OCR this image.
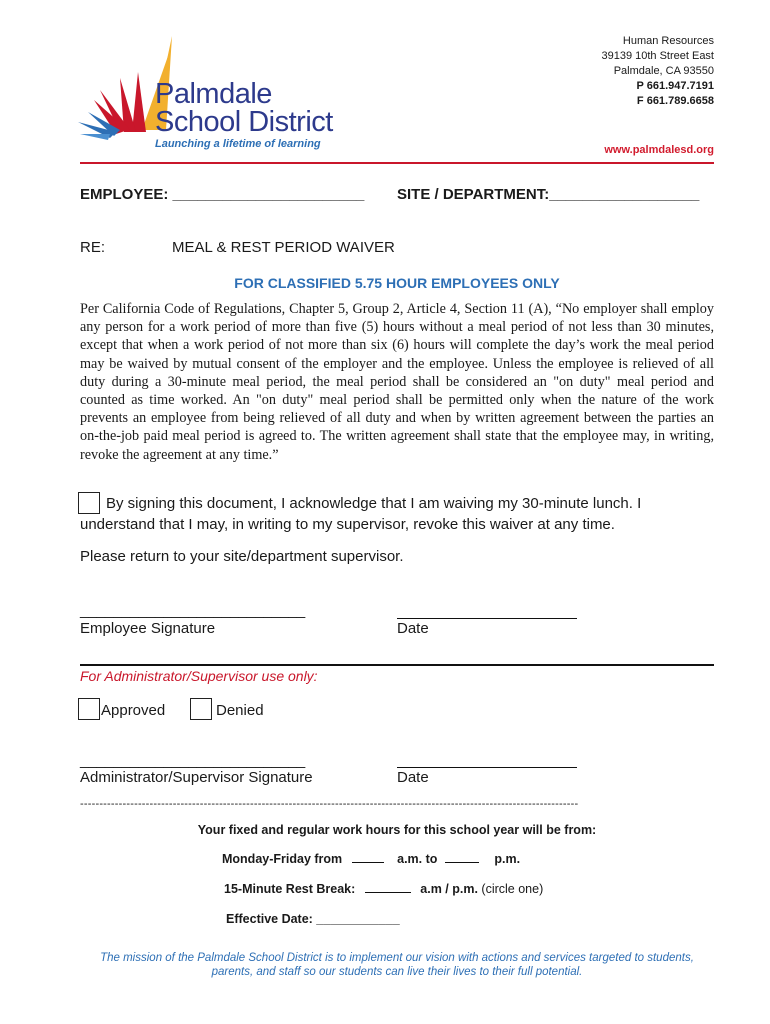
Palmdale
School District
Launching a lifetime of learning
Human Resources
39139 10th Street East
Palmdale, CA 93550
P 661.947.7191
F 661.789.6658
www.palmdalesd.org
EMPLOYEE: _______________________ SITE / DEPARTMENT:__________________
RE:	MEAL & REST PERIOD WAIVER
FOR CLASSIFIED 5.75 HOUR EMPLOYEES ONLY
Per California Code of Regulations, Chapter 5, Group 2, Article 4, Section 11 (A), “No employer shall employ any person for a work period of more than five (5) hours without a meal period of not less than 30 minutes, except that when a work period of not more than six (6) hours will complete the day’s work the meal period may be waived by mutual consent of the employer and the employee. Unless the employee is relieved of all duty during a 30-minute meal period, the meal period shall be considered an "on duty" meal period and counted as time worked. An "on duty" meal period shall be permitted only when the nature of the work prevents an employee from being relieved of all duty and when by written agreement between the parties an on-the-job paid meal period is agreed to. The written agreement shall state that the employee may, in writing, revoke the agreement at any time.”
By signing this document, I acknowledge that I am waiving my 30-minute lunch. I understand that I may, in writing to my supervisor, revoke this waiver at any time.
Please return to your site/department supervisor.
___________________________
Employee Signature	Date
For Administrator/Supervisor use only:
Approved	Denied
___________________________
Administrator/Supervisor Signature	Date
---------------------------------------------------------------------------------------------------------------------------------
Your fixed and regular work hours for this school year will be from:
Monday-Friday from	a.m. to	p.m.
15-Minute Rest Break:	a.m / p.m. (circle one)
Effective Date: ____________
The mission of the Palmdale School District is to implement our vision with actions and services targeted to students, parents, and staff so our students can live their lives to their full potential.
